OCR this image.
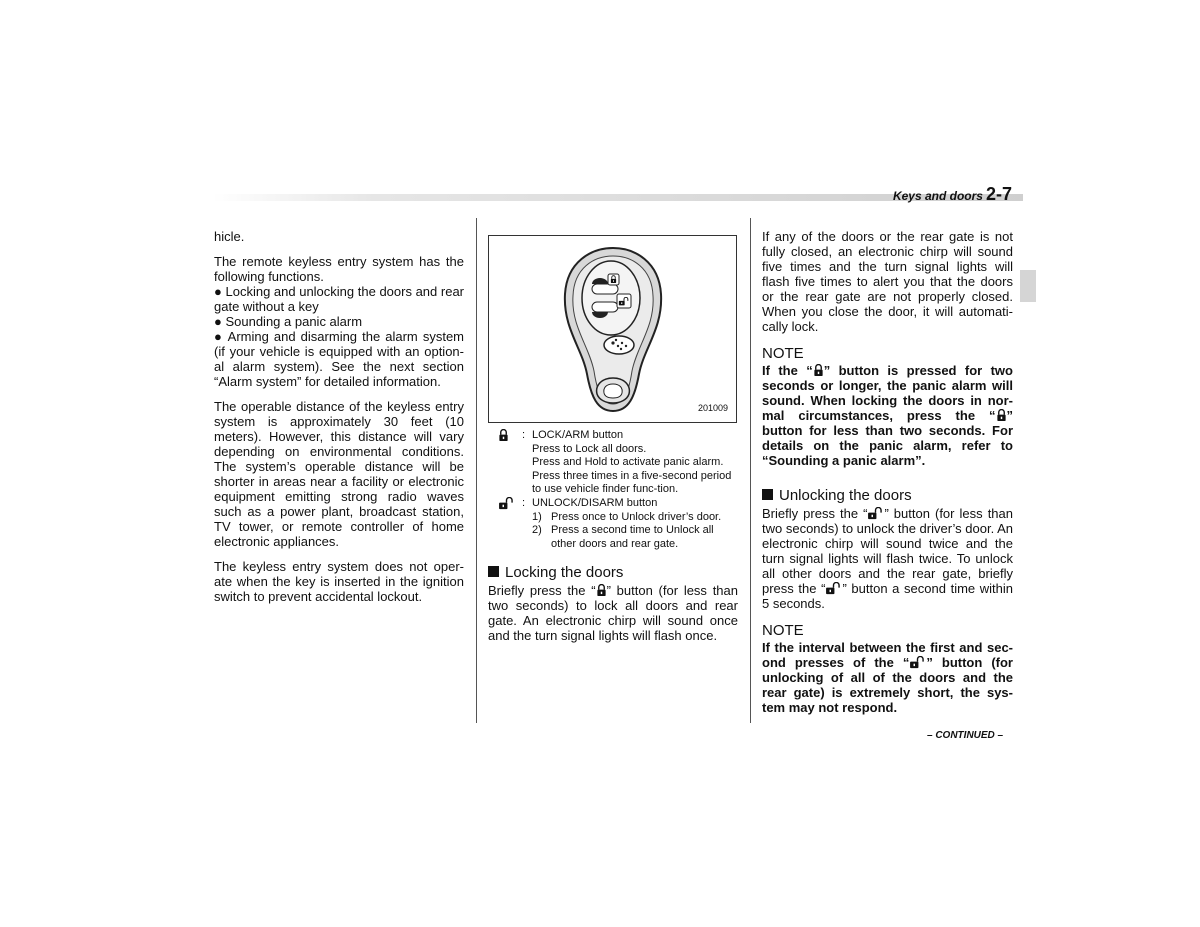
Keys and doors 2-7

hicle.

The remote keyless entry system has the following functions.

● Locking and unlocking the doors and rear gate without a key
● Sounding a panic alarm
● Arming and disarming the alarm system (if your vehicle is equipped with an option-al alarm system). See the next section “Alarm system” for detailed information.

The operable distance of the keyless entry system is approximately 30 feet (10 meters). However, this distance will vary depending on environmental conditions. The system’s operable distance will be shorter in areas near a facility or electronic equipment emitting strong radio waves such as a power plant, broadcast station, TV tower, or remote controller of home electronic appliances.

The keyless entry system does not oper-ate when the key is inserted in the ignition switch to prevent accidental lockout.

201009
: LOCK/ARM button
Press to Lock all doors.
Press and Hold to activate panic alarm.
Press three times in a five-second period to use vehicle finder func-tion.
: UNLOCK/DISARM button
1) Press once to Unlock driver’s door.
2) Press a second time to Unlock all other doors and rear gate.
Locking the doors

Briefly press the “ ” button (for less than two seconds) to lock all doors and rear gate. An electronic chirp will sound once and the turn signal lights will flash once.

If any of the doors or the rear gate is not fully closed, an electronic chirp will sound five times and the turn signal lights will flash five times to alert you that the doors or the rear gate are not properly closed. When you close the door, it will automati-cally lock.

NOTE
If the “ ” button is pressed for two seconds or longer, the panic alarm will sound. When locking the doors in nor-mal circumstances, press the “ ” button for less than two seconds. For details on the panic alarm, refer to “Sounding a panic alarm”.
Unlocking the doors

Briefly press the “ ” button (for less than two seconds) to unlock the driver’s door. An electronic chirp will sound twice and the turn signal lights will flash twice. To unlock all other doors and the rear gate, briefly press the “ ” button a second time within 5 seconds.

NOTE
If the interval between the first and sec-ond presses of the “ ” button (for unlocking of all of the doors and the rear gate) is extremely short, the sys-tem may not respond.
– CONTINUED –
